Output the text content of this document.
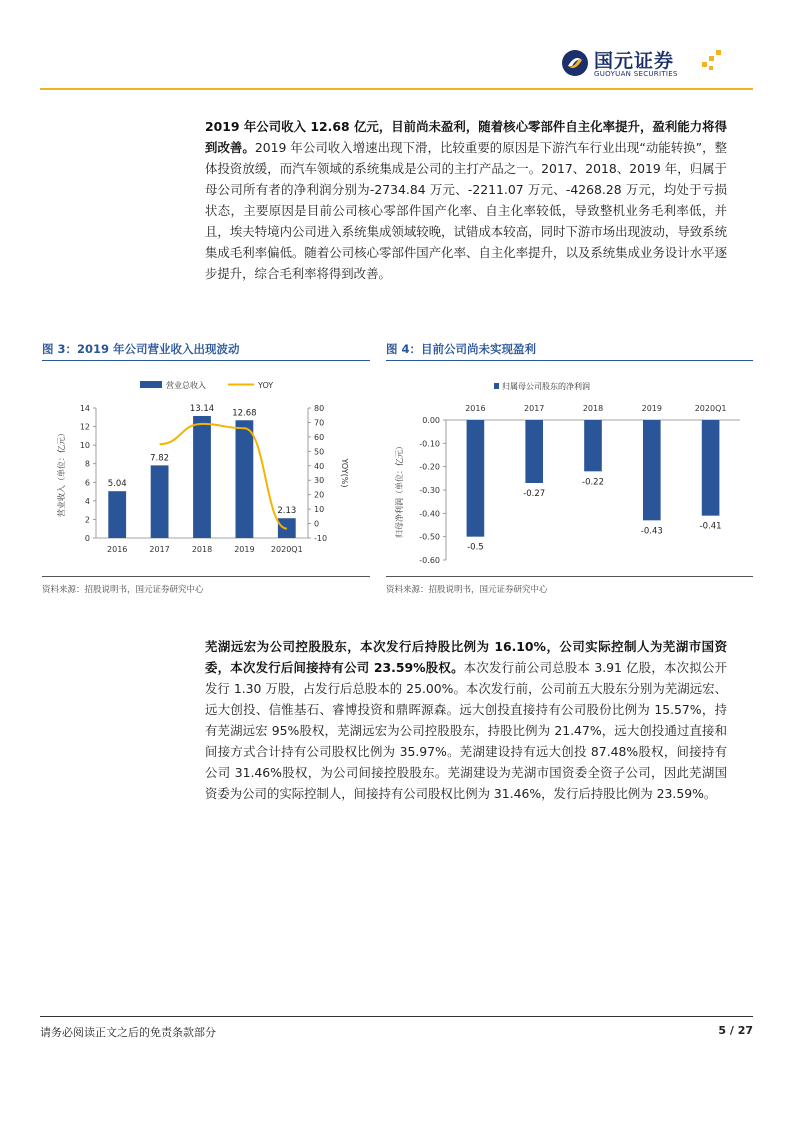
国元证券
GUOYUAN SECURITIES
2019 年公司收入 12.68 亿元，目前尚未盈利，随着核心零部件自主化率提升，盈利能力将得到改善。2019 年公司收入增速出现下滑，比较重要的原因是下游汽车行业出现“动能转换”，整体投资放缓，而汽车领域的系统集成是公司的主打产品之一。2017、2018、2019 年，归属于母公司所有者的净利润分别为-2734.84 万元、-2211.07 万元、-4268.28 万元，均处于亏损状态，主要原因是目前公司核心零部件国产化率、自主化率较低，导致整机业务毛利率低，并且，埃夫特境内公司进入系统集成领域较晚，试错成本较高，同时下游市场出现波动，导致系统集成毛利率偏低。随着公司核心零部件国产化率、自主化率提升，以及系统集成业务设计水平逐步提升，综合毛利率将得到改善。
图 3：2019 年公司营业收入出现波动
营业总收入	YOY
0
2
4
6
8
10
12
14
-10
0
10
20
30
40
50
60
70
80
营业收入（单位：亿元）	YOY(%)
5.04
2016
7.82
2017
13.14
2018
12.68
2019
2.13
2020Q1
资料来源：招股说明书，国元证券研究中心
图 4：目前公司尚未实现盈利
归属母公司股东的净利润
0.00
-0.10
-0.20
-0.30
-0.40
-0.50
-0.60
归母净利润（单位：亿元）
2016
-0.5
2017
-0.27
2018
-0.22
2019
-0.43
2020Q1
-0.41
资料来源：招股说明书，国元证券研究中心
芜湖远宏为公司控股股东，本次发行后持股比例为 16.10%，公司实际控制人为芜湖市国资委，本次发行后间接持有公司 23.59%股权。本次发行前公司总股本 3.91 亿股，本次拟公开发行 1.30 万股，占发行后总股本的 25.00%。本次发行前，公司前五大股东分别为芜湖远宏、远大创投、信惟基石、睿博投资和鼎晖源森。远大创投直接持有公司股份比例为 15.57%，持有芜湖远宏 95%股权，芜湖远宏为公司控股股东，持股比例为 21.47%，远大创投通过直接和间接方式合计持有公司股权比例为 35.97%。芜湖建设持有远大创投 87.48%股权，间接持有公司 31.46%股权，为公司间接控股股东。芜湖建设为芜湖市国资委全资子公司，因此芜湖国资委为公司的实际控制人，间接持有公司股权比例为 31.46%，发行后持股比例为 23.59%。
请务必阅读正文之后的免责条款部分	5 / 27
